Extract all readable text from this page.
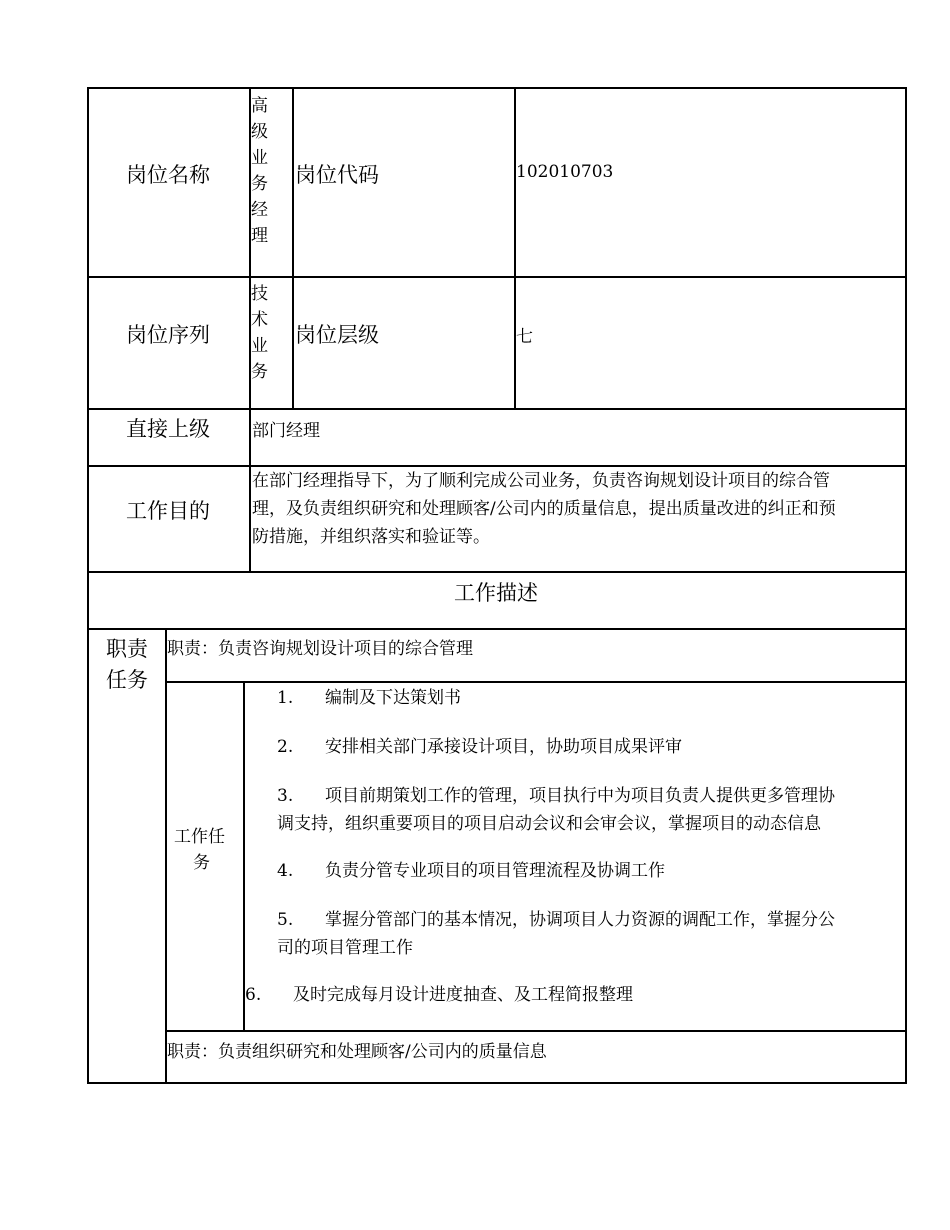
岗位名称
高级业务经理
岗位代码	102010703
岗位序列
技术业务
岗位层级	七
直接上级 部门经理
工作目的
在部门经理指导下，为了顺利完成公司业务，负责咨询规划设计项目的综合管
理，及负责组织研究和处理顾客/公司内的质量信息，提出质量改进的纠正和预
防措施，并组织落实和验证等。
工作描述
职责
任务
职责：负责咨询规划设计项目的综合管理
工作任
务
1. 编制及下达策划书
2. 安排相关部门承接设计项目，协助项目成果评审
3. 项目前期策划工作的管理，项目执行中为项目负责人提供更多管理协
调支持，组织重要项目的项目启动会议和会审会议，掌握项目的动态信息
4. 负责分管专业项目的项目管理流程及协调工作
5. 掌握分管部门的基本情况，协调项目人力资源的调配工作，掌握分公
司的项目管理工作
6. 及时完成每月设计进度抽查、及工程简报整理
职责：负责组织研究和处理顾客/公司内的质量信息
